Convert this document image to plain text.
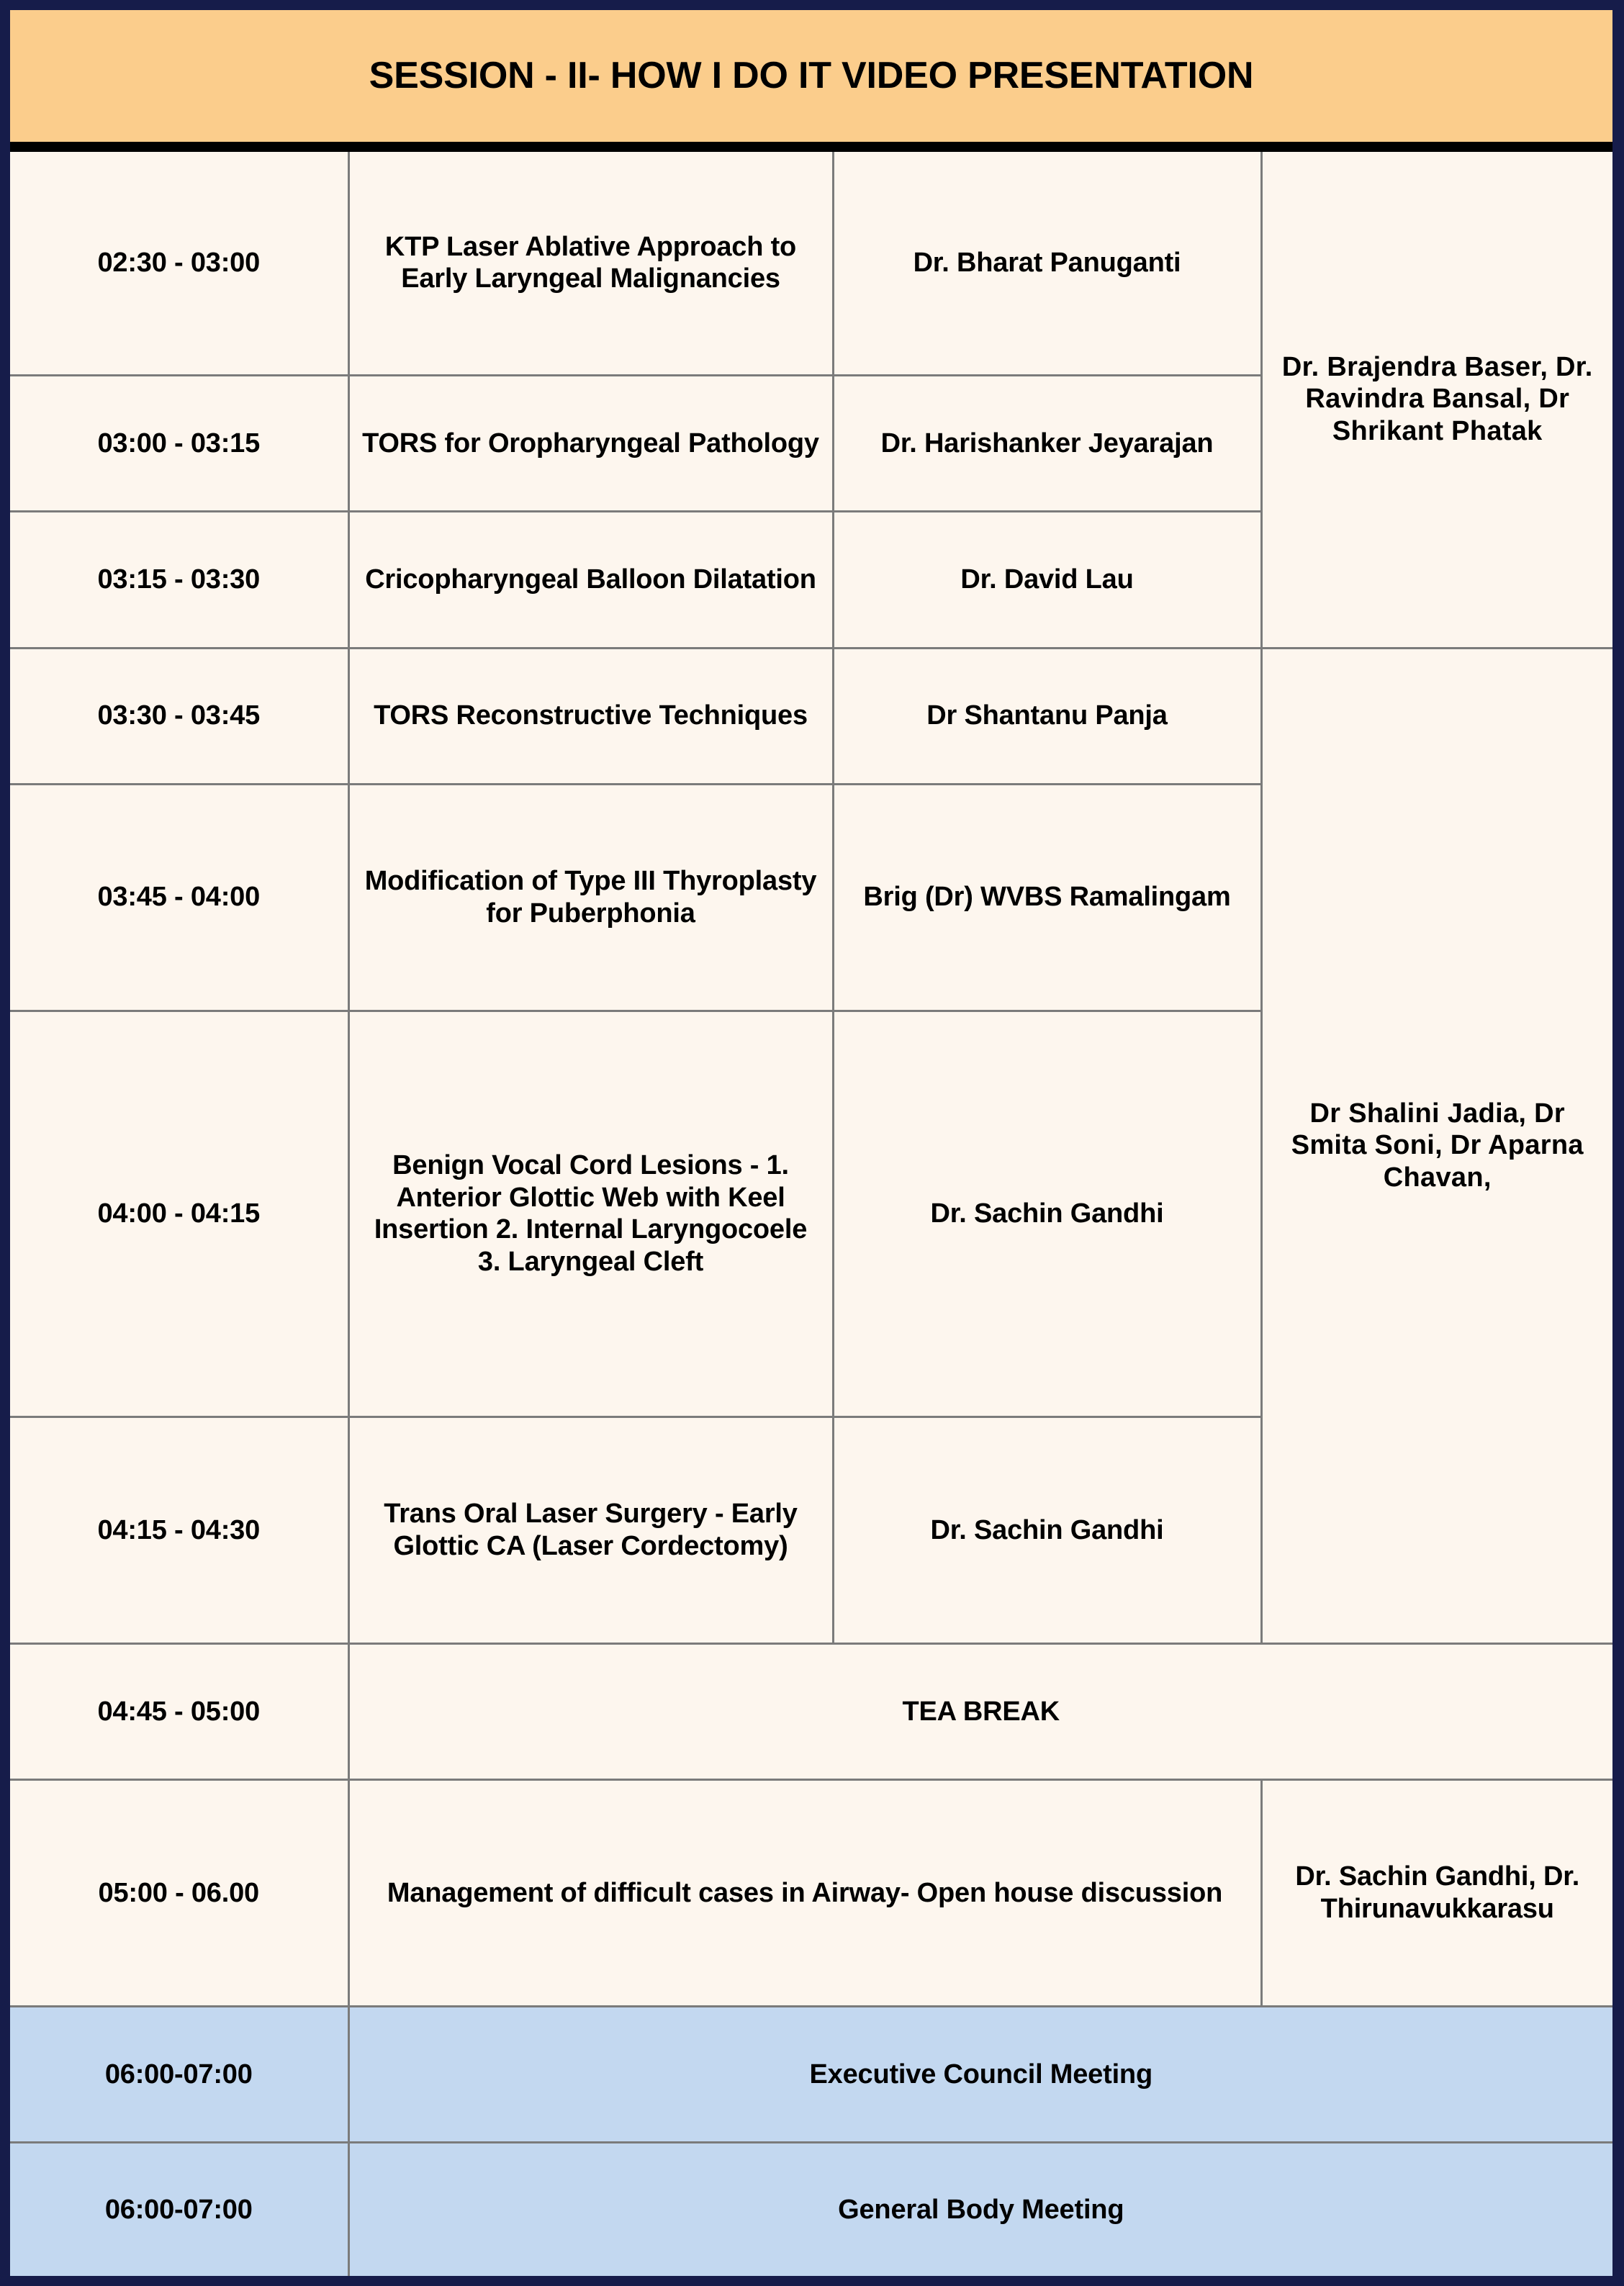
SESSION - II- HOW I DO IT VIDEO PRESENTATION
02:30 - 03:00	KTP Laser Ablative Approach to Early Laryngeal Malignancies	Dr. Bharat Panuganti	Dr. Brajendra Baser, Dr. Ravindra Bansal, Dr Shrikant Phatak
03:00 - 03:15	TORS for Oropharyngeal Pathology	Dr. Harishanker Jeyarajan	
03:15 - 03:30	Cricopharyngeal Balloon Dilatation	Dr. David Lau	
03:30 - 03:45	TORS Reconstructive Techniques	Dr Shantanu Panja	Dr Shalini Jadia, Dr Smita Soni, Dr Aparna Chavan,
03:45 - 04:00	Modification of Type III Thyroplasty for Puberphonia	Brig (Dr) WVBS Ramalingam	
04:00 - 04:15	Benign Vocal Cord Lesions - 1. Anterior Glottic Web with Keel Insertion 2. Internal Laryngocoele 3. Laryngeal Cleft	Dr. Sachin Gandhi	
04:15 - 04:30	Trans Oral Laser Surgery - Early Glottic CA (Laser Cordectomy)	Dr. Sachin Gandhi	
04:45 - 05:00	TEA BREAK		
05:00 - 06.00	Management of difficult cases in Airway- Open house discussion		Dr. Sachin Gandhi, Dr. Thirunavukkarasu
06:00-07:00	Executive Council Meeting		
06:00-07:00	General Body Meeting		
